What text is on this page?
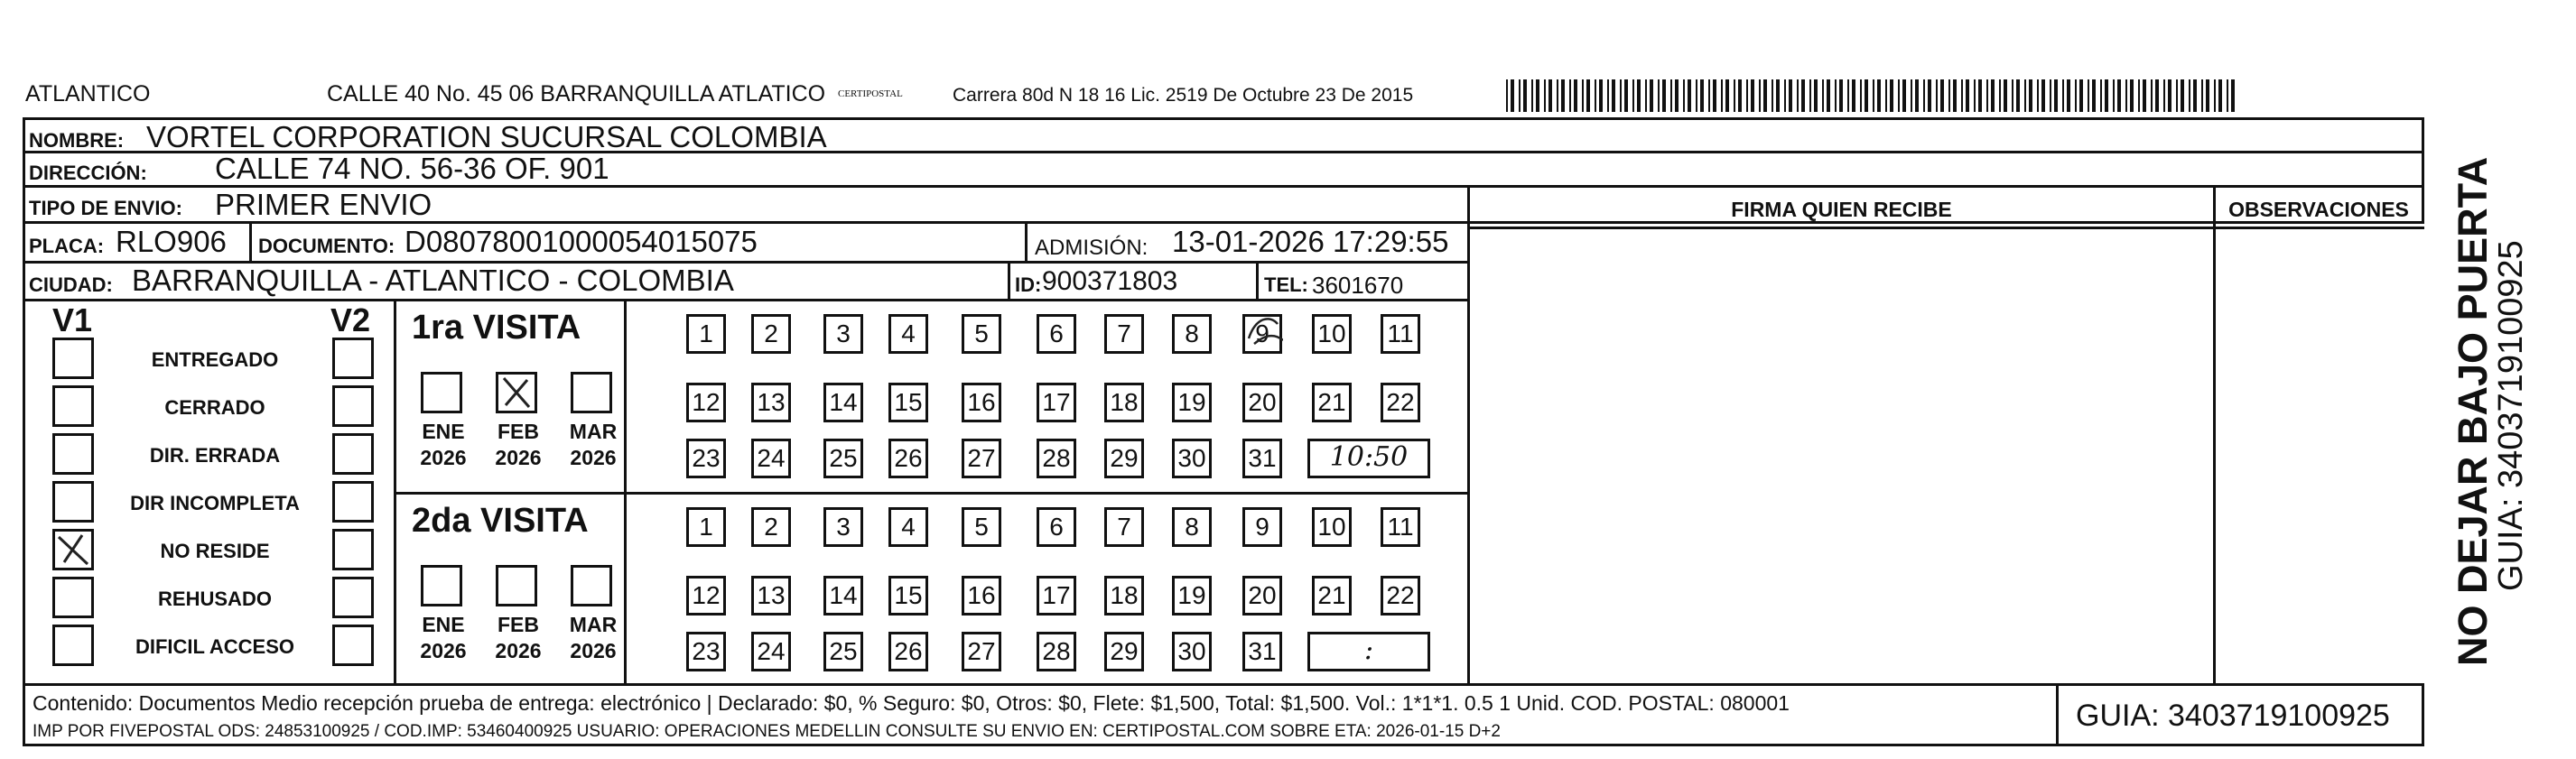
ATLANTICO	CALLE 40 No. 45 06 BARRANQUILLA ATLATICO CERTIPOSTAL	Carrera 80d N 18 16 Lic. 2519 De Octubre 23 De 2015
NOMBRE: VORTEL CORPORATION SUCURSAL COLOMBIA
DIRECCIÓN: CALLE 74 NO. 56-36 OF. 901
TIPO DE ENVIO: PRIMER ENVIO	FIRMA QUIEN RECIBE	OBSERVACIONES
PLACA: RLO906 DOCUMENTO: D08078001000054015075	ADMISIÓN: 13-01-2026 17:29:55
CIUDAD: BARRANQUILLA - ATLANTICO - COLOMBIA	ID: 900371803	TEL: 3601670
V1	V2
ENTREGADO
CERRADO
DIR. ERRADA
DIR INCOMPLETA
NO RESIDE
REHUSADO
DIFICIL ACCESO
1ra VISITA
ENE
2026
FEB
2026
MAR
2026
1	2	3	4	5	6	7	8	9	10 11
12 13 14 15 16 17 18 19 20 21 22
23 24 25 26 27 28 29 30 31	10:50
2da VISITA
ENE
2026
FEB
2026
MAR
2026
1	2	3	4	5	6	7	8	9	10 11
12 13 14 15 16 17 18 19 20 21 22
23 24 25 26 27 28 29 30 31	:
Contenido: Documentos Medio recepción prueba de entrega: electrónico | Declarado: $0, % Seguro: $0, Otros: $0, Flete: $1,500, Total: $1,500. Vol.: 1*1*1. 0.5 1 Unid. COD. POSTAL: 080001
IMP POR FIVEPOSTAL ODS: 24853100925 / COD.IMP: 53460400925 USUARIO: OPERACIONES MEDELLIN CONSULTE SU ENVIO EN: CERTIPOSTAL.COM SOBRE ETA: 2026-01-15 D+2	GUIA: 3403719100925
NO DEJAR BAJO PUERTA
GUIA: 3403719100925
